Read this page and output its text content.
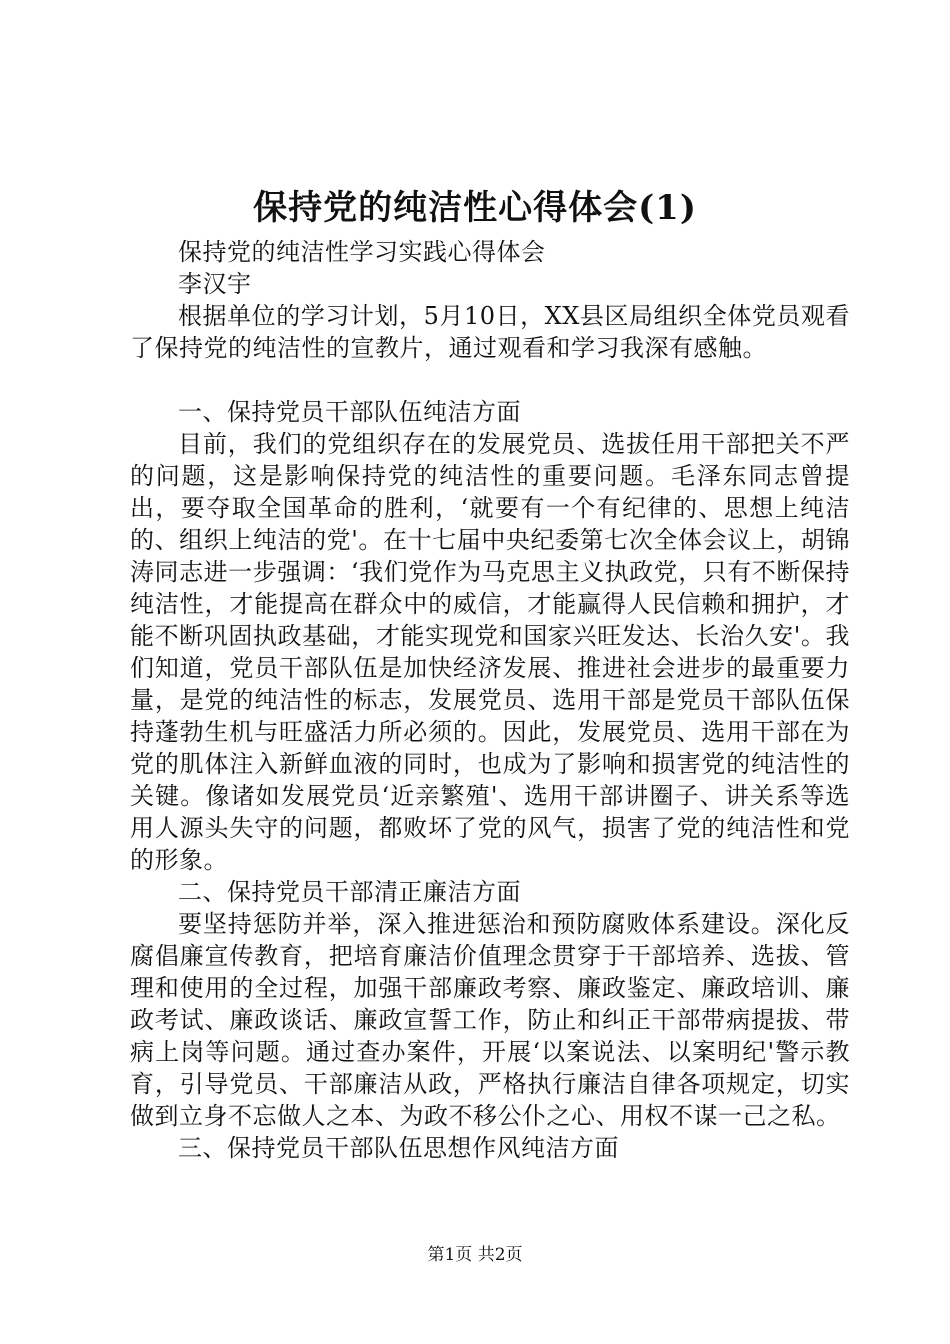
保持党的纯洁性心得体会(1)

保持党的纯洁性学习实践心得体会

李汉宇

根据单位的学习计划，5月10日，XX县区局组织全体党员观看了保持党的纯洁性的宣教片，通过观看和学习我深有感触。

一、保持党员干部队伍纯洁方面

目前，我们的党组织存在的发展党员、选拔任用干部把关不严的问题，这是影响保持党的纯洁性的重要问题。毛泽东同志曾提出，要夺取全国革命的胜利，‘就要有一个有纪律的、思想上纯洁的、组织上纯洁的党'。在十七届中央纪委第七次全体会议上，胡锦涛同志进一步强调：‘我们党作为马克思主义执政党，只有不断保持纯洁性，才能提高在群众中的威信，才能赢得人民信赖和拥护，才能不断巩固执政基础，才能实现党和国家兴旺发达、长治久安'。我们知道，党员干部队伍是加快经济发展、推进社会进步的最重要力量，是党的纯洁性的标志，发展党员、选用干部是党员干部队伍保持蓬勃生机与旺盛活力所必须的。因此，发展党员、选用干部在为党的肌体注入新鲜血液的同时，也成为了影响和损害党的纯洁性的关键。像诸如发展党员‘近亲繁殖'、选用干部讲圈子、讲关系等选用人源头失守的问题，都败坏了党的风气，损害了党的纯洁性和党的形象。

二、保持党员干部清正廉洁方面

要坚持惩防并举，深入推进惩治和预防腐败体系建设。深化反腐倡廉宣传教育，把培育廉洁价值理念贯穿于干部培养、选拔、管理和使用的全过程，加强干部廉政考察、廉政鉴定、廉政培训、廉政考试、廉政谈话、廉政宣誓工作，防止和纠正干部带病提拔、带病上岗等问题。通过查办案件，开展‘以案说法、以案明纪'警示教育，引导党员、干部廉洁从政，严格执行廉洁自律各项规定，切实做到立身不忘做人之本、为政不移公仆之心、用权不谋一己之私。

三、保持党员干部队伍思想作风纯洁方面

第1页 共2页
